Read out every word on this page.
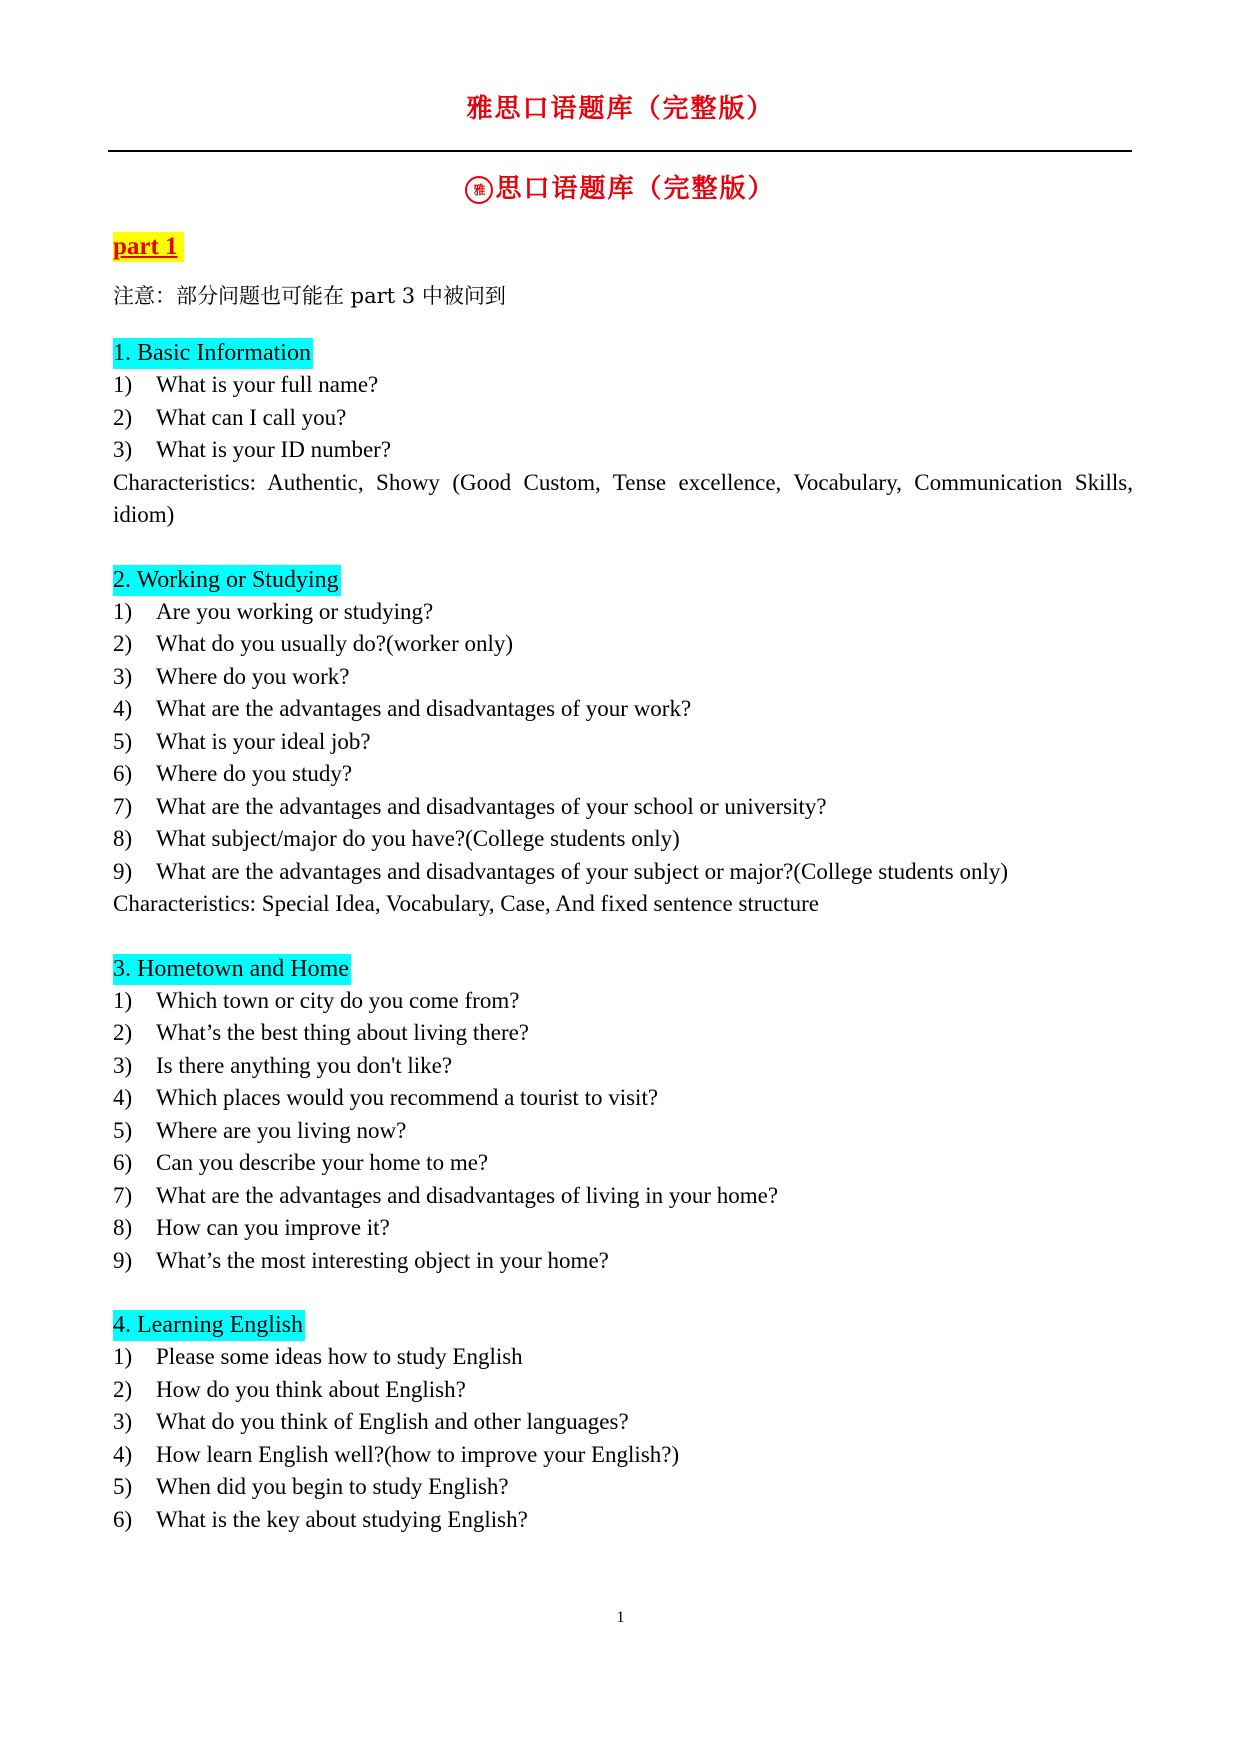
雅思口语题库（完整版）
雅 思口语题库（完整版）
part 1
注意：部分问题也可能在 part 3 中被问到
1. Basic Information
1) What is your full name?
2) What can I call you?
3) What is your ID number?
Characteristics: Authentic, Showy (Good Custom, Tense excellence, Vocabulary, Communication Skills, idiom)
2. Working or Studying
1) Are you working or studying?
2) What do you usually do?(worker only)
3) Where do you work?
4) What are the advantages and disadvantages of your work?
5) What is your ideal job?
6) Where do you study?
7) What are the advantages and disadvantages of your school or university?
8) What subject/major do you have?(College students only)
9) What are the advantages and disadvantages of your subject or major?(College students only)
Characteristics: Special Idea, Vocabulary, Case, And fixed sentence structure
3. Hometown and Home
1) Which town or city do you come from?
2) What’s the best thing about living there?
3) Is there anything you don't like?
4) Which places would you recommend a tourist to visit?
5) Where are you living now?
6) Can you describe your home to me?
7) What are the advantages and disadvantages of living in your home?
8) How can you improve it?
9) What’s the most interesting object in your home?
4. Learning English
1) Please some ideas how to study English
2) How do you think about English?
3) What do you think of English and other languages?
4) How learn English well?(how to improve your English?)
5) When did you begin to study English?
6) What is the key about studying English?
1
